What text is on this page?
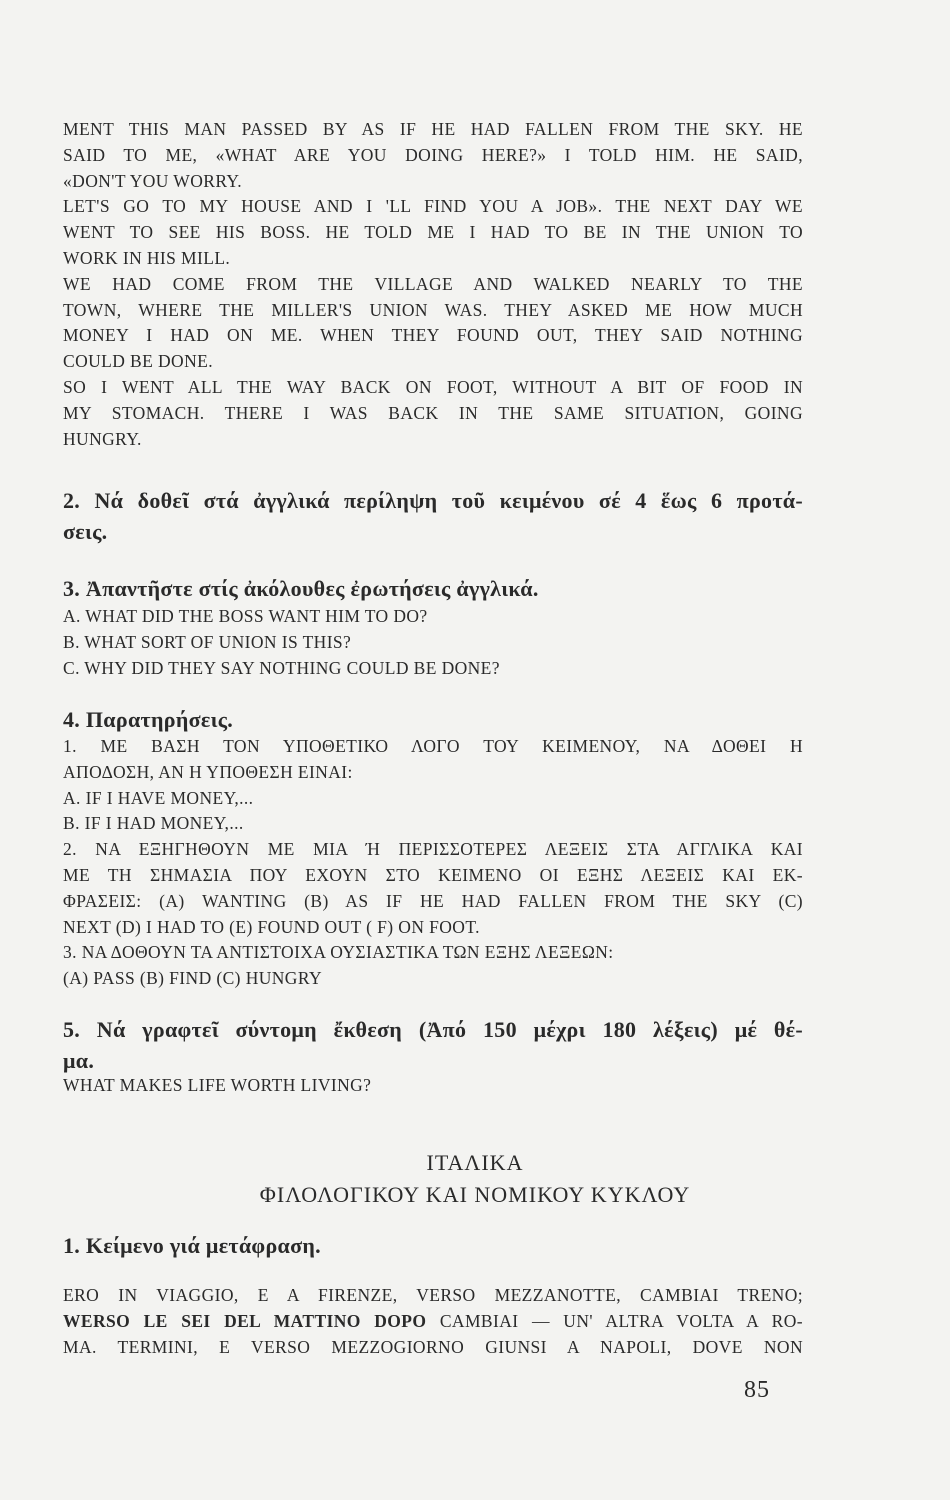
MENT THIS MAN PASSED BY AS IF HE HAD FALLEN FROM THE SKY. HE
SAID TO ME, «WHAT ARE YOU DOING HERE?» I TOLD HIM. HE SAID,
«DON'T YOU WORRY.
LET'S GO TO MY HOUSE AND I 'LL FIND YOU A JOB». THE NEXT DAY WE
WENT TO SEE HIS BOSS. HE TOLD ME I HAD TO BE IN THE UNION TO
WORK IN HIS MILL.
WE HAD COME FROM THE VILLAGE AND WALKED NEARLY TO THE
TOWN, WHERE THE MILLER'S UNION WAS. THEY ASKED ME HOW MUCH
MONEY I HAD ON ME. WHEN THEY FOUND OUT, THEY SAID NOTHING
COULD BE DONE.
SO I WENT ALL THE WAY BACK ON FOOT, WITHOUT A BIT OF FOOD IN
MY STOMACH. THERE I WAS BACK IN THE SAME SITUATION, GOING
HUNGRY.
2. Νά δοθεῖ στά ἀγγλικά περίληψη τοῦ κειμένου σέ 4 ἕως 6 προτά-
σεις.
3. Ἀπαντῆστε στίς ἀκόλουθες ἐρωτήσεις ἀγγλικά.
A. WHAT DID THE BOSS WANT HIM TO DO?
B. WHAT SORT OF UNION IS THIS?
C. WHY DID THEY SAY NOTHING COULD BE DONE?
4. Παρατηρήσεις.
1. ΜΕ ΒΑΣΗ ΤΟΝ ΥΠΟΘΕΤΙΚΟ ΛΟΓΟ ΤΟΥ ΚΕΙΜΕΝΟΥ, ΝΑ ΔΟΘΕΙ Η
ΑΠΟΔΟΣΗ, ΑΝ Η ΥΠΟΘΕΣΗ ΕΙΝΑΙ:
A. IF I HAVE MONEY,...
B. IF I HAD MONEY,...
2. ΝΑ ΕΞΗΓΗΘΟΥΝ ΜΕ ΜΙΑ Ή ΠΕΡΙΣΣΟΤΕΡΕΣ ΛΕΞΕΙΣ ΣΤΑ ΑΓΓΛΙΚΑ ΚΑΙ
ΜΕ ΤΗ ΣΗΜΑΣΙΑ ΠΟΥ ΕΧΟΥΝ ΣΤΟ ΚΕΙΜΕΝΟ ΟΙ ΕΞΗΣ ΛΕΞΕΙΣ ΚΑΙ ΕΚ-
ΦΡΑΣΕΙΣ: (A) WANTING (B) AS IF HE HAD FALLEN FROM THE SKY (C)
NEXT (D) I HAD TO (E) FOUND OUT ( F) ON FOOT.
3. ΝΑ ΔΟΘΟΥΝ ΤΑ ΑΝΤΙΣΤΟΙΧΑ ΟΥΣΙΑΣΤΙΚΑ ΤΩΝ ΕΞΗΣ ΛΕΞΕΩΝ:
(A) PASS (B) FIND (C) HUNGRY
5. Νά γραφτεῖ σύντομη ἔκθεση (Ἀπό 150 μέχρι 180 λέξεις) μέ θέ-
μα.
WHAT MAKES LIFE WORTH LIVING?
ΙΤΑΛΙΚΑ
ΦΙΛΟΛΟΓΙΚΟΥ ΚΑΙ ΝΟΜΙΚΟΥ ΚΥΚΛΟΥ
1. Κείμενο γιά μετάφραση.
ERO IN VIAGGIO, E A FIRENZE, VERSO MEZZANOTTE, CAMBIAI TRENO;
WERSO LE SEI DEL MATTINO DOPO CAMBIAI — UN' ALTRA VOLTA A RO-
MA. TERMINI, E VERSO MEZZOGIORNO GIUNSI A NAPOLI, DOVE NON
85
